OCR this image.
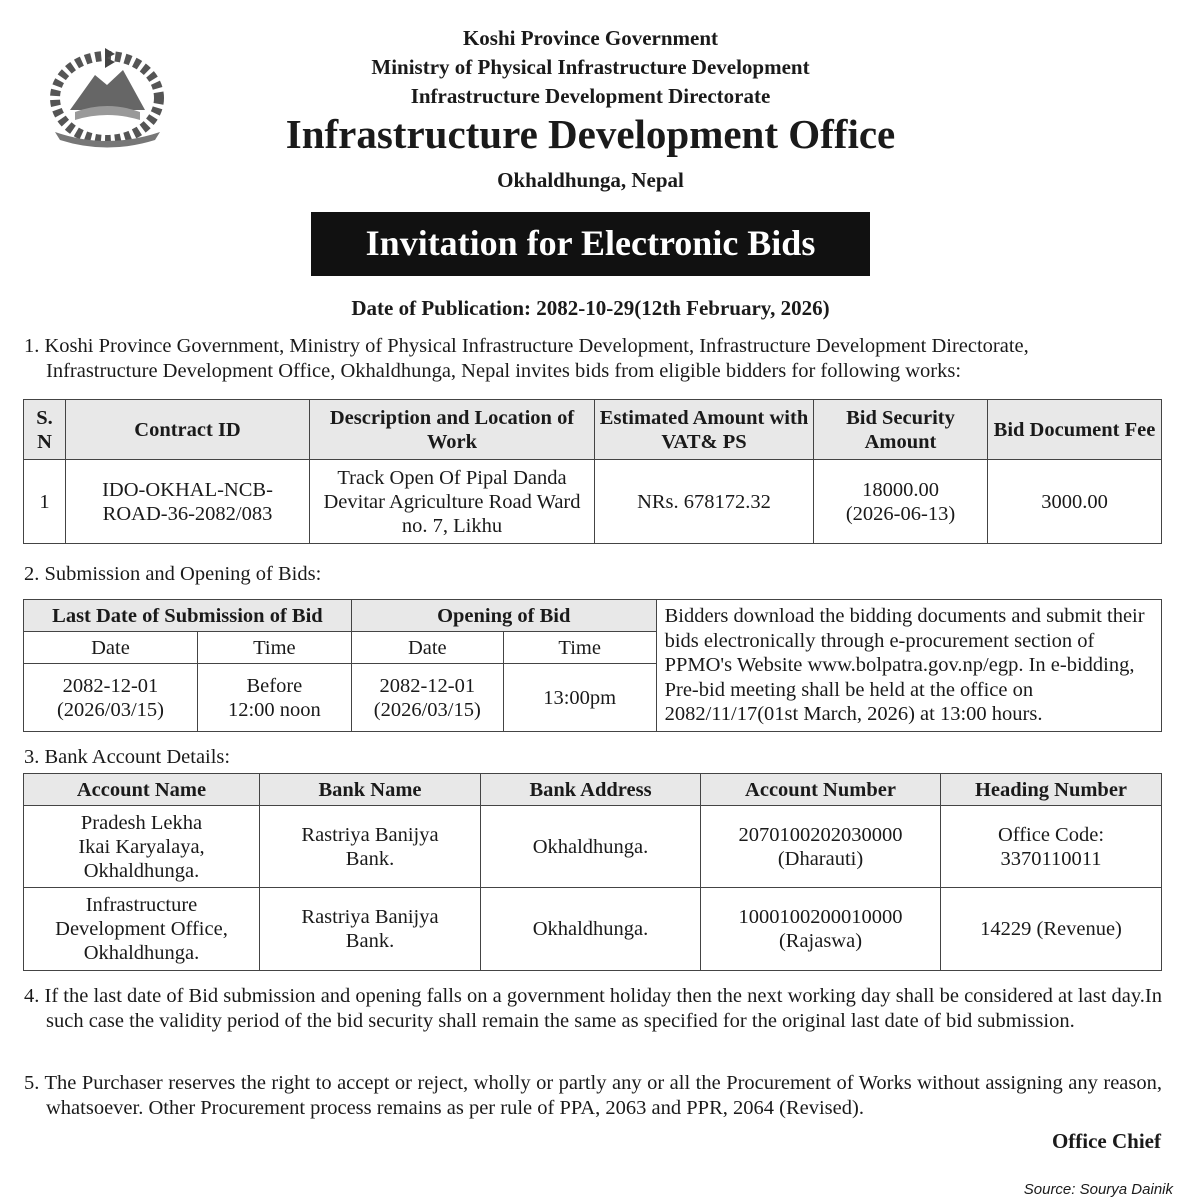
Koshi Province Government
Ministry of Physical Infrastructure Development
Infrastructure Development Directorate
Infrastructure Development Office
Okhaldhunga, Nepal
Invitation for Electronic Bids
Date of Publication: 2082-10-29(12th February, 2026)
1. Koshi Province Government, Ministry of Physical Infrastructure Development, Infrastructure Development Directorate,
Infrastructure Development Office, Okhaldhunga, Nepal invites bids from eligible bidders for following works:
S. N	Contract ID	Description and Location of Work	Estimated Amount with VAT& PS	Bid Security Amount	Bid Document Fee
1	IDO-OKHAL-NCB-ROAD-36-2082/083	Track Open Of Pipal Danda Devitar Agriculture Road Ward no. 7, Likhu	NRs. 678172.32	18000.00 (2026-06-13)	3000.00
2. Submission and Opening of Bids:
Last Date of Submission of Bid		Opening of Bid		Bidders download the bidding documents and submit their bids electronically through e-procurement section of PPMO's Website www.bolpatra.gov.np/egp. In e-bidding, Pre-bid meeting shall be held at the office on 2082/11/17(01st March, 2026) at 13:00 hours.
Date	Time	Date	Time	
2082-12-01 (2026/03/15)	Before 12:00 noon	2082-12-01 (2026/03/15)	13:00pm	
3. Bank Account Details:
Account Name	Bank Name	Bank Address	Account Number	Heading Number
Pradesh Lekha Ikai Karyalaya, Okhaldhunga.	Rastriya Banijya Bank.	Okhaldhunga.	2070100202030000 (Dharauti)	Office Code: 3370110011
Infrastructure Development Office, Okhaldhunga.	Rastriya Banijya Bank.	Okhaldhunga.	1000100200010000 (Rajaswa)	14229 (Revenue)
4. If the last date of Bid submission and opening falls on a government holiday then the next working day shall be considered at last day.In such case the validity period of the bid security shall remain the same as specified for the original last date of bid submission.
5. The Purchaser reserves the right to accept or reject, wholly or partly any or all the Procurement of Works without assigning any reason, whatsoever. Other Procurement process remains as per rule of PPA, 2063 and PPR, 2064 (Revised).
Office Chief
Source: Sourya Dainik
